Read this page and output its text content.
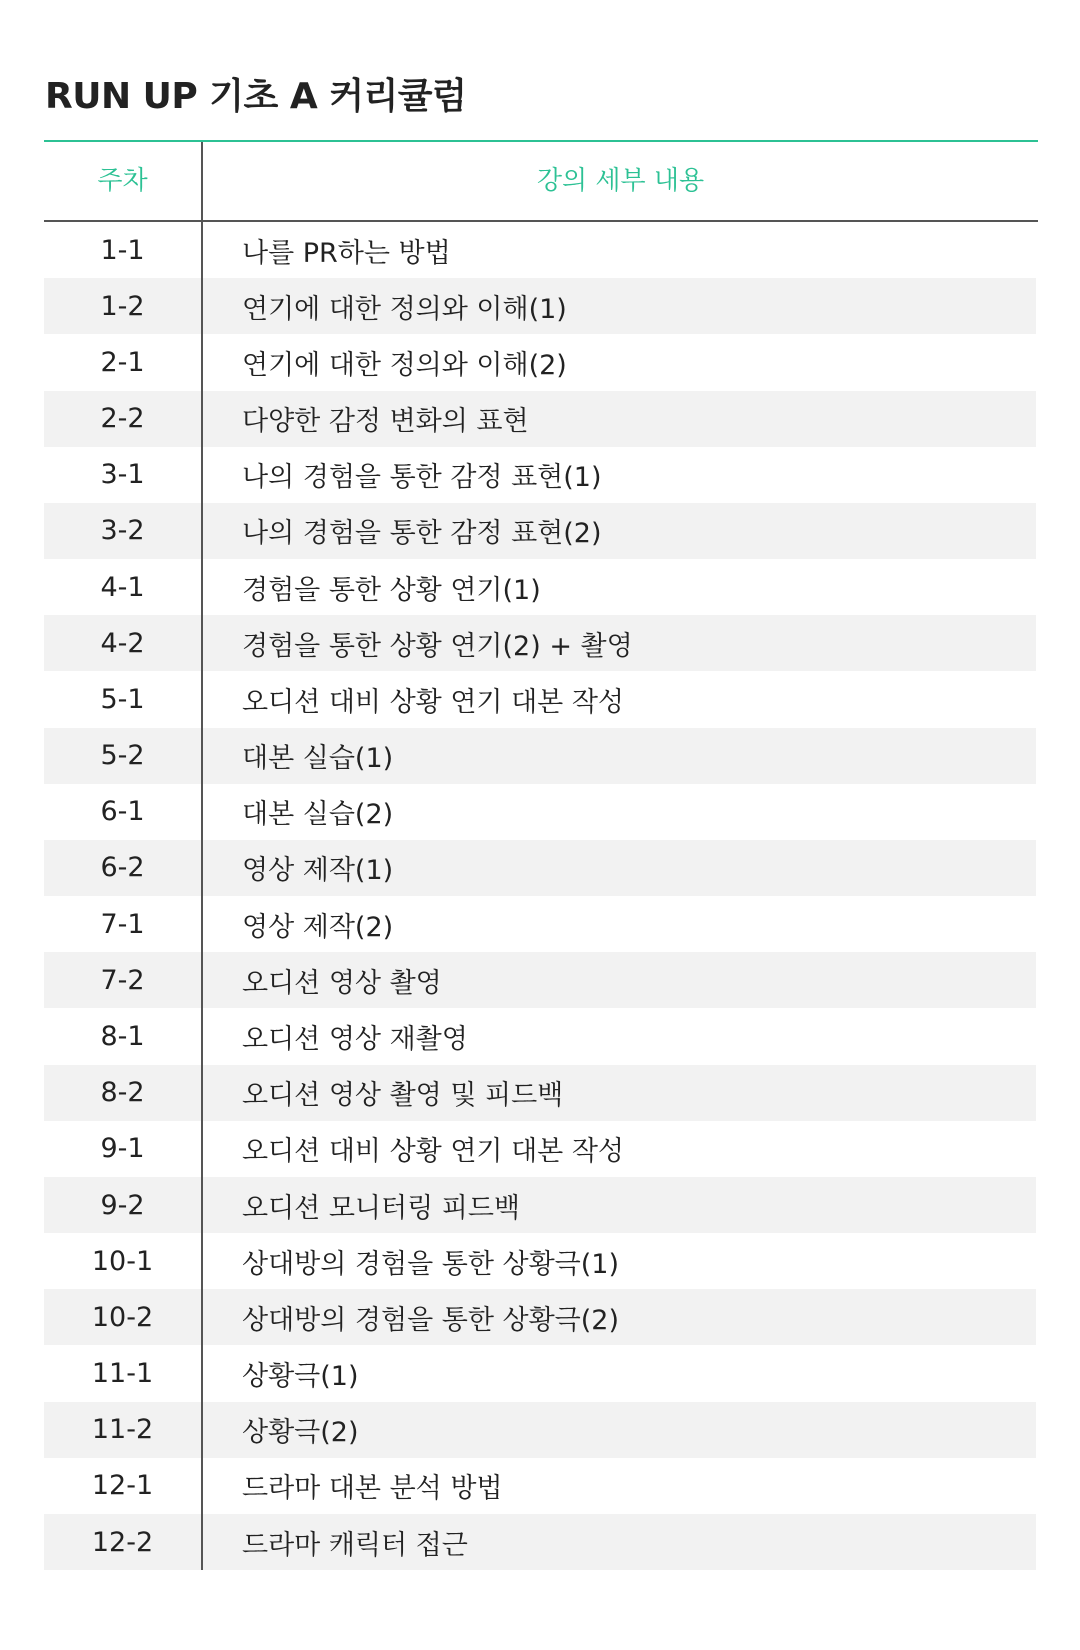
RUN UP 기초 A 커리큘럼
주차	강의 세부 내용
1-1	나를 PR하는 방법
1-2	연기에 대한 정의와 이해(1)
2-1	연기에 대한 정의와 이해(2)
2-2	다양한 감정 변화의 표현
3-1	나의 경험을 통한 감정 표현(1)
3-2	나의 경험을 통한 감정 표현(2)
4-1	경험을 통한 상황 연기(1)
4-2	경험을 통한 상황 연기(2) + 촬영
5-1	오디션 대비 상황 연기 대본 작성
5-2	대본 실습(1)
6-1	대본 실습(2)
6-2	영상 제작(1)
7-1	영상 제작(2)
7-2	오디션 영상 촬영
8-1	오디션 영상 재촬영
8-2	오디션 영상 촬영 및 피드백
9-1	오디션 대비 상황 연기 대본 작성
9-2	오디션 모니터링 피드백
10-1	상대방의 경험을 통한 상황극(1)
10-2	상대방의 경험을 통한 상황극(2)
11-1	상황극(1)
11-2	상황극(2)
12-1	드라마 대본 분석 방법
12-2	드라마 캐릭터 접근
